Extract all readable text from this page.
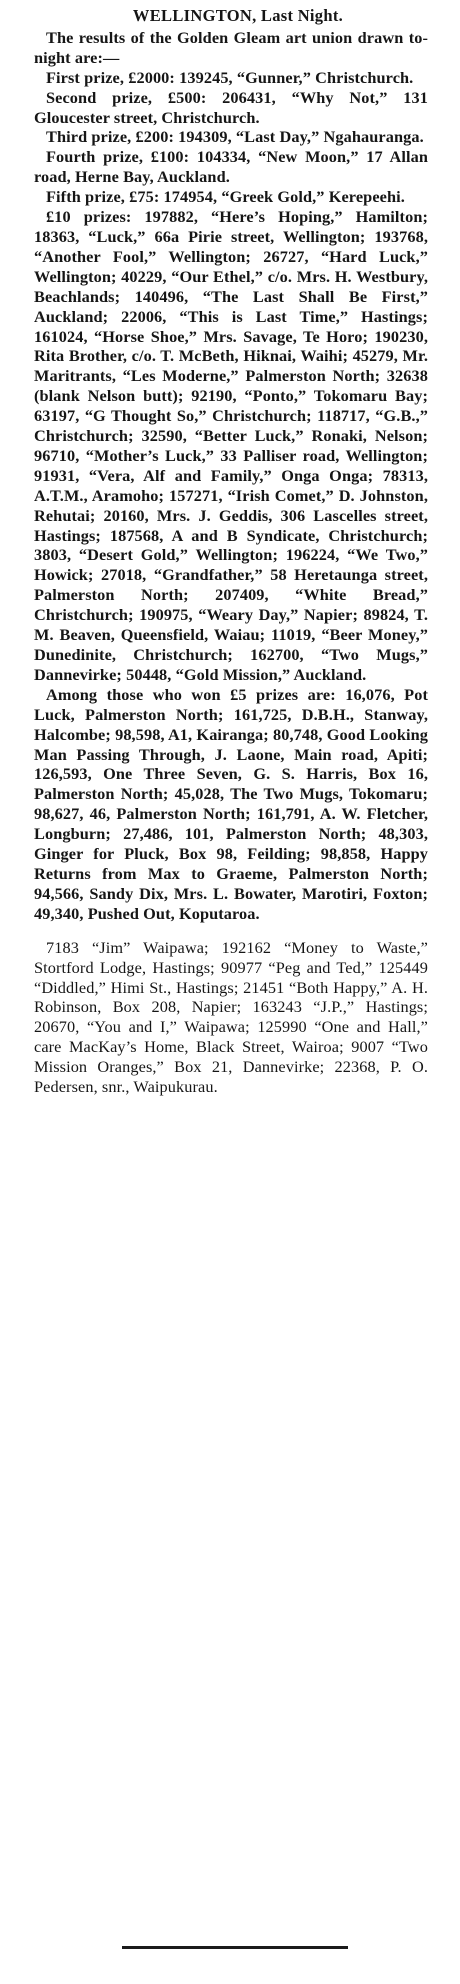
WELLINGTON, Last Night.

The results of the Golden Gleam art union drawn to-night are:—

First prize, £2000: 139245, “Gunner,” Christchurch.

Second prize, £500: 206431, “Why Not,” 131 Gloucester street, Christchurch.

Third prize, £200: 194309, “Last Day,” Ngahauranga.

Fourth prize, £100: 104334, “New Moon,” 17 Allan road, Herne Bay, Auckland.

Fifth prize, £75: 174954, “Greek Gold,” Kerepeehi.

£10 prizes: 197882, “Here’s Hoping,” Hamilton; 18363, “Luck,” 66a Pirie street, Wellington; 193768, “Another Fool,” Wellington; 26727, “Hard Luck,” Wellington; 40229, “Our Ethel,” c/o. Mrs. H. Westbury, Beachlands; 140496, “The Last Shall Be First,” Auckland; 22006, “This is Last Time,” Hastings; 161024, “Horse Shoe,” Mrs. Savage, Te Horo; 190230, Rita Brother, c/o. T. McBeth, Hiknai, Waihi; 45279, Mr. Maritrants, “Les Moderne,” Palmerston North; 32638 (blank Nelson butt); 92190, “Ponto,” Tokomaru Bay; 63197, “G Thought So,” Christchurch; 118717, “G.B.,” Christchurch; 32590, “Better Luck,” Ronaki, Nelson; 96710, “Mother’s Luck,” 33 Palliser road, Wellington; 91931, “Vera, Alf and Family,” Onga Onga; 78313, A.T.M., Aramoho; 157271, “Irish Comet,” D. Johnston, Rehutai; 20160, Mrs. J. Geddis, 306 Lascelles street, Hastings; 187568, A and B Syndicate, Christchurch; 3803, “Desert Gold,” Wellington; 196224, “We Two,” Howick; 27018, “Grandfather,” 58 Heretaunga street, Palmerston North; 207409, “White Bread,” Christchurch; 190975, “Weary Day,” Napier; 89824, T. M. Beaven, Queensfield, Waiau; 11019, “Beer Money,” Dunedinite, Christchurch; 162700, “Two Mugs,” Dannevirke; 50448, “Gold Mission,” Auckland.

Among those who won £5 prizes are: 16,076, Pot Luck, Palmerston North; 161,725, D.B.H., Stanway, Halcombe; 98,598, A1, Kairanga; 80,748, Good Looking Man Passing Through, J. Laone, Main road, Apiti; 126,593, One Three Seven, G. S. Harris, Box 16, Palmerston North; 45,028, The Two Mugs, Tokomaru; 98,627, 46, Palmerston North; 161,791, A. W. Fletcher, Longburn; 27,486, 101, Palmerston North; 48,303, Ginger for Pluck, Box 98, Feilding; 98,858, Happy Returns from Max to Graeme, Palmerston North; 94,566, Sandy Dix, Mrs. L. Bowater, Marotiri, Foxton; 49,340, Pushed Out, Koputaroa.

7183 “Jim” Waipawa; 192162 “Money to Waste,” Stortford Lodge, Hastings; 90977 “Peg and Ted,” 125449 “Diddled,” Himi St., Hastings; 21451 “Both Happy,” A. H. Robinson, Box 208, Napier; 163243 “J.P.,” Hastings; 20670, “You and I,” Waipawa; 125990 “One and Hall,” care MacKay’s Home, Black Street, Wairoa; 9007 “Two Mission Oranges,” Box 21, Dannevirke; 22368, P. O. Pedersen, snr., Waipukurau.
